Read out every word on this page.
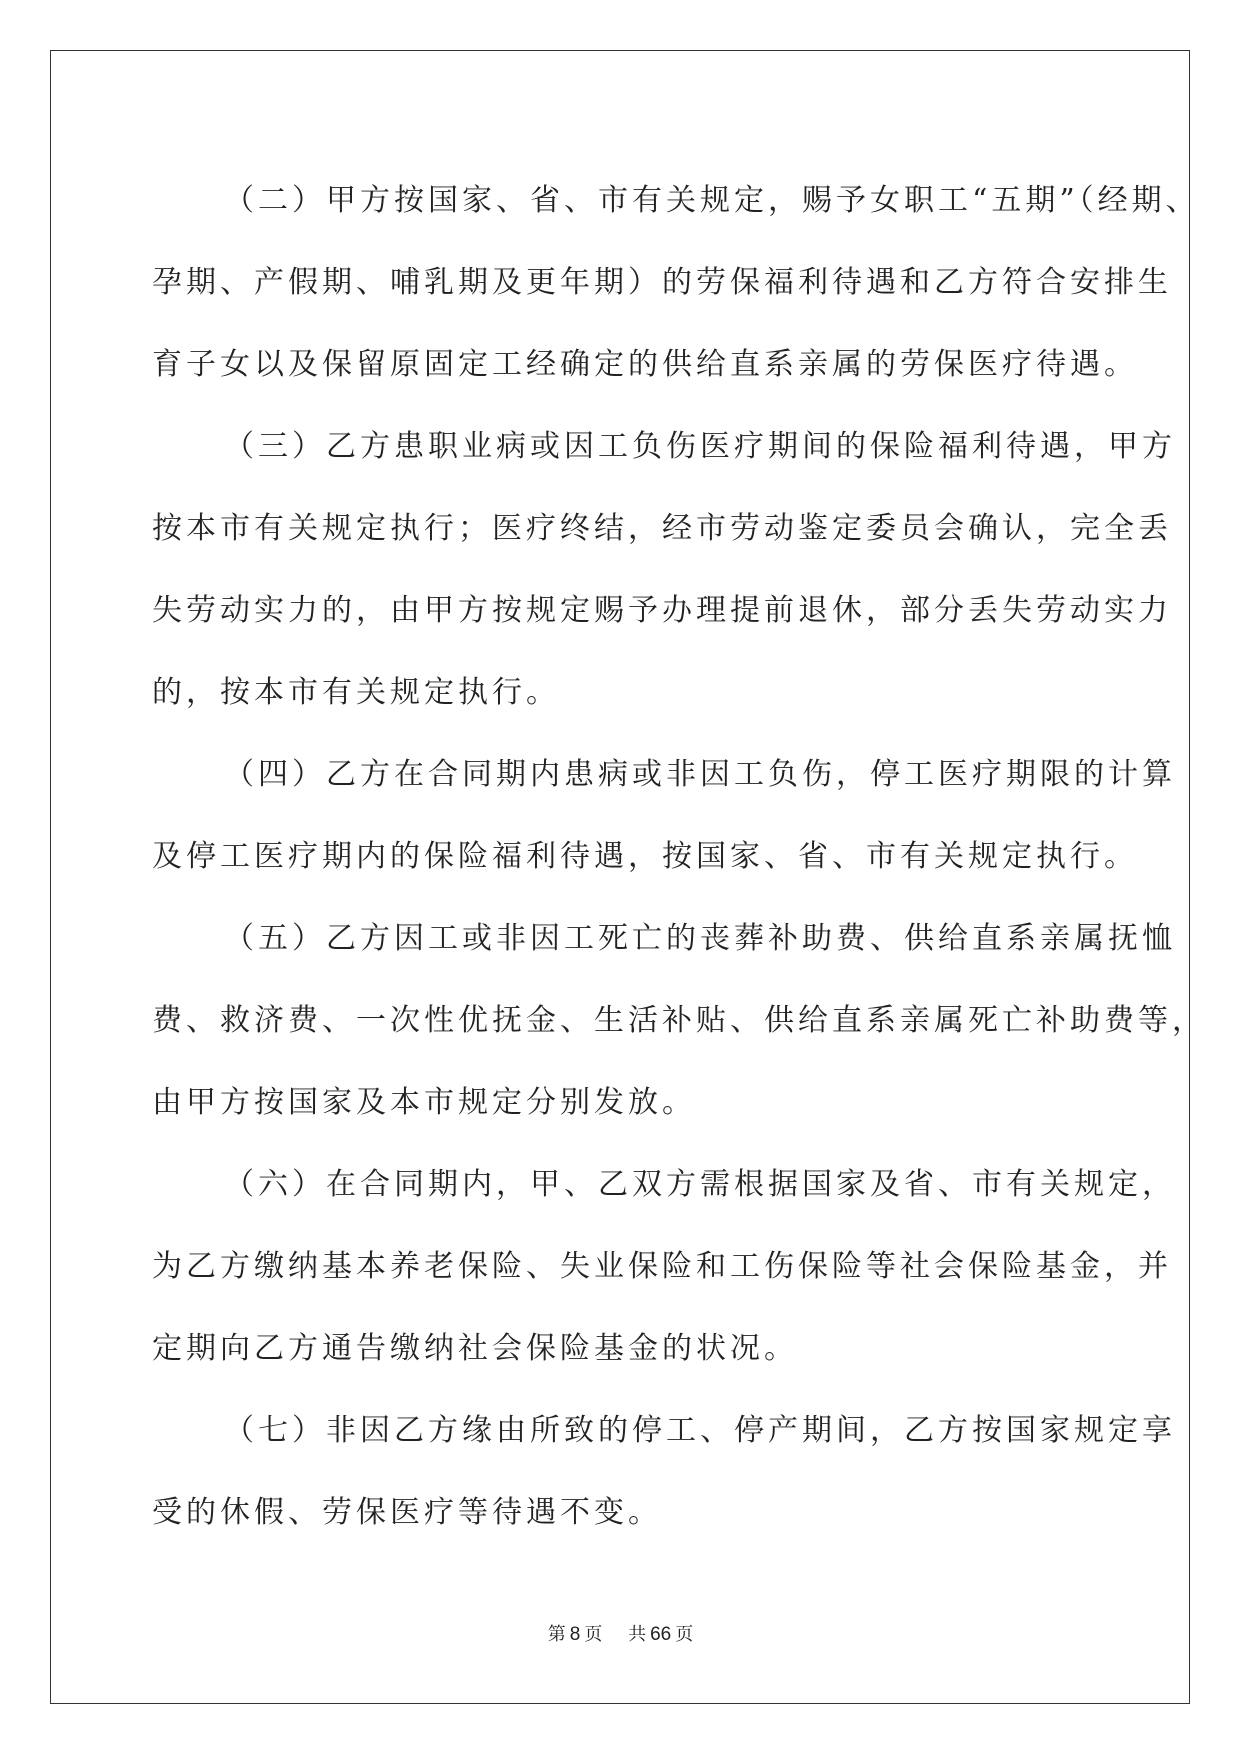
（二）甲方按国家、省、市有关规定，赐予女职工“五期”（经期、
孕期、产假期、哺乳期及更年期）的劳保福利待遇和乙方符合安排生
育子女以及保留原固定工经确定的供给直系亲属的劳保医疗待遇。
（三）乙方患职业病或因工负伤医疗期间的保险福利待遇，甲方
按本市有关规定执行；医疗终结，经市劳动鉴定委员会确认，完全丢
失劳动实力的，由甲方按规定赐予办理提前退休，部分丢失劳动实力
的，按本市有关规定执行。
（四）乙方在合同期内患病或非因工负伤，停工医疗期限的计算
及停工医疗期内的保险福利待遇，按国家、省、市有关规定执行。
（五）乙方因工或非因工死亡的丧葬补助费、供给直系亲属抚恤
费、救济费、一次性优抚金、生活补贴、供给直系亲属死亡补助费等，
由甲方按国家及本市规定分别发放。
（六）在合同期内，甲、乙双方需根据国家及省、市有关规定，
为乙方缴纳基本养老保险、失业保险和工伤保险等社会保险基金，并
定期向乙方通告缴纳社会保险基金的状况。
（七）非因乙方缘由所致的停工、停产期间，乙方按国家规定享
受的休假、劳保医疗等待遇不变。
第 8 页 共 66 页
